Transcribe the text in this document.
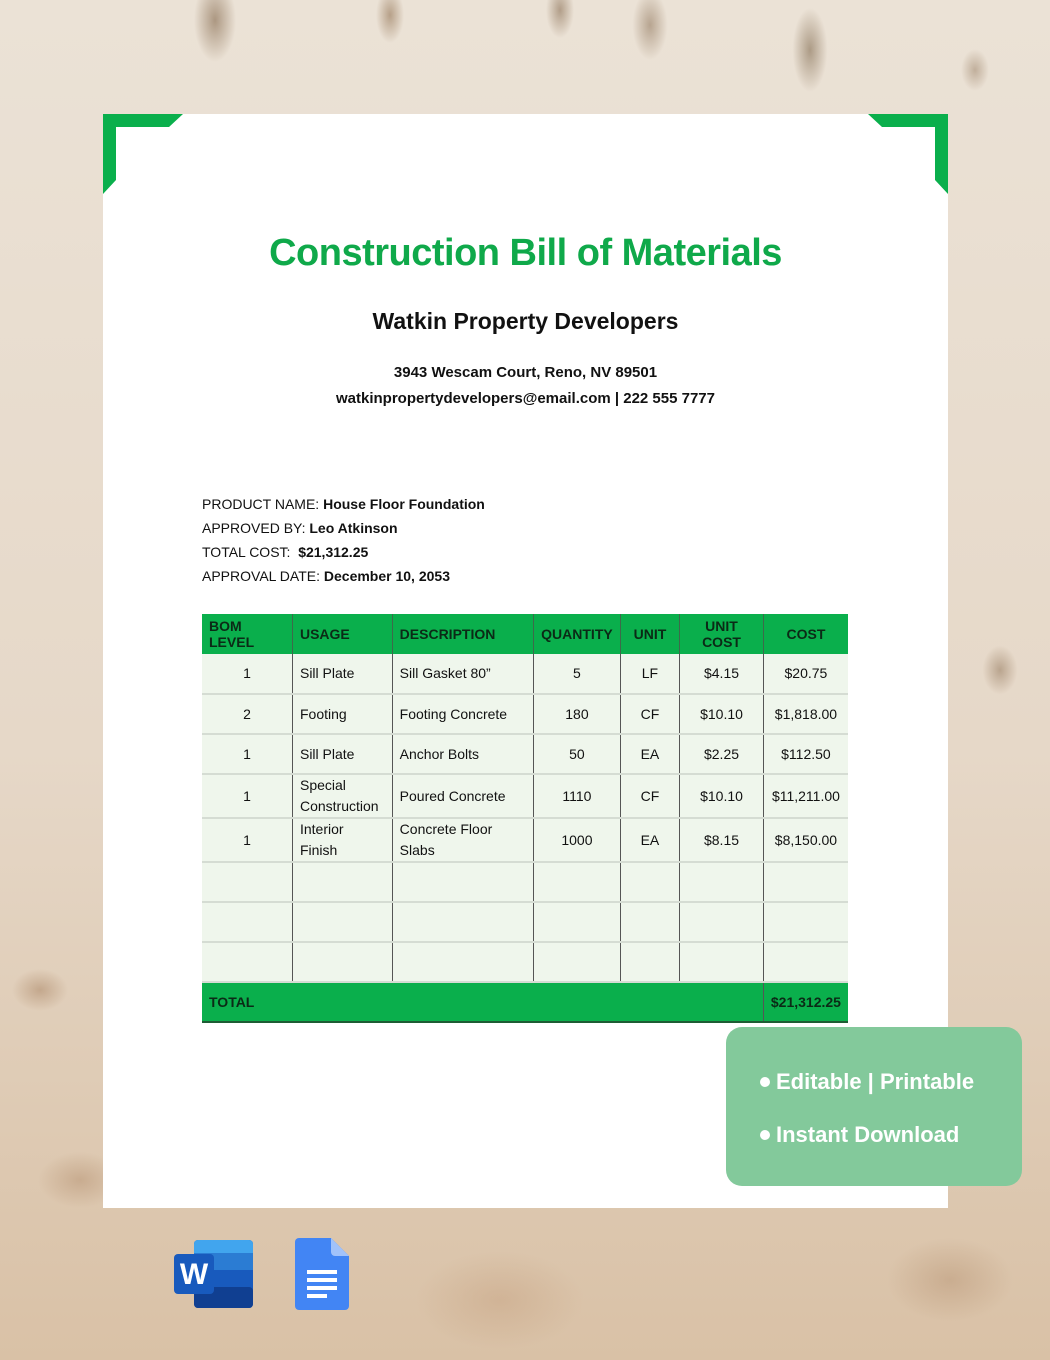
Construction Bill of Materials
Watkin Property Developers
3943 Wescam Court, Reno, NV 89501
watkinpropertydevelopers@email.com | 222 555 7777
PRODUCT NAME: House Floor Foundation
APPROVED BY: Leo Atkinson
TOTAL COST:  $21,312.25
APPROVAL DATE: December 10, 2053
BOM LEVEL	USAGE	DESCRIPTION	QUANTITY	UNIT	UNIT COST	COST
1	Sill Plate	Sill Gasket 80”	5	LF	$4.15	$20.75
2	Footing	Footing Concrete	180	CF	$10.10	$1,818.00
1	Sill Plate	Anchor Bolts	50	EA	$2.25	$112.50
1	Special Construction	Poured Concrete	1110	CF	$10.10	$11,211.00
1	Interior Finish	Concrete Floor Slabs	1000	EA	$8.15	$8,150.00

TOTAL						$21,312.25
Editable | Printable
Instant Download
W
